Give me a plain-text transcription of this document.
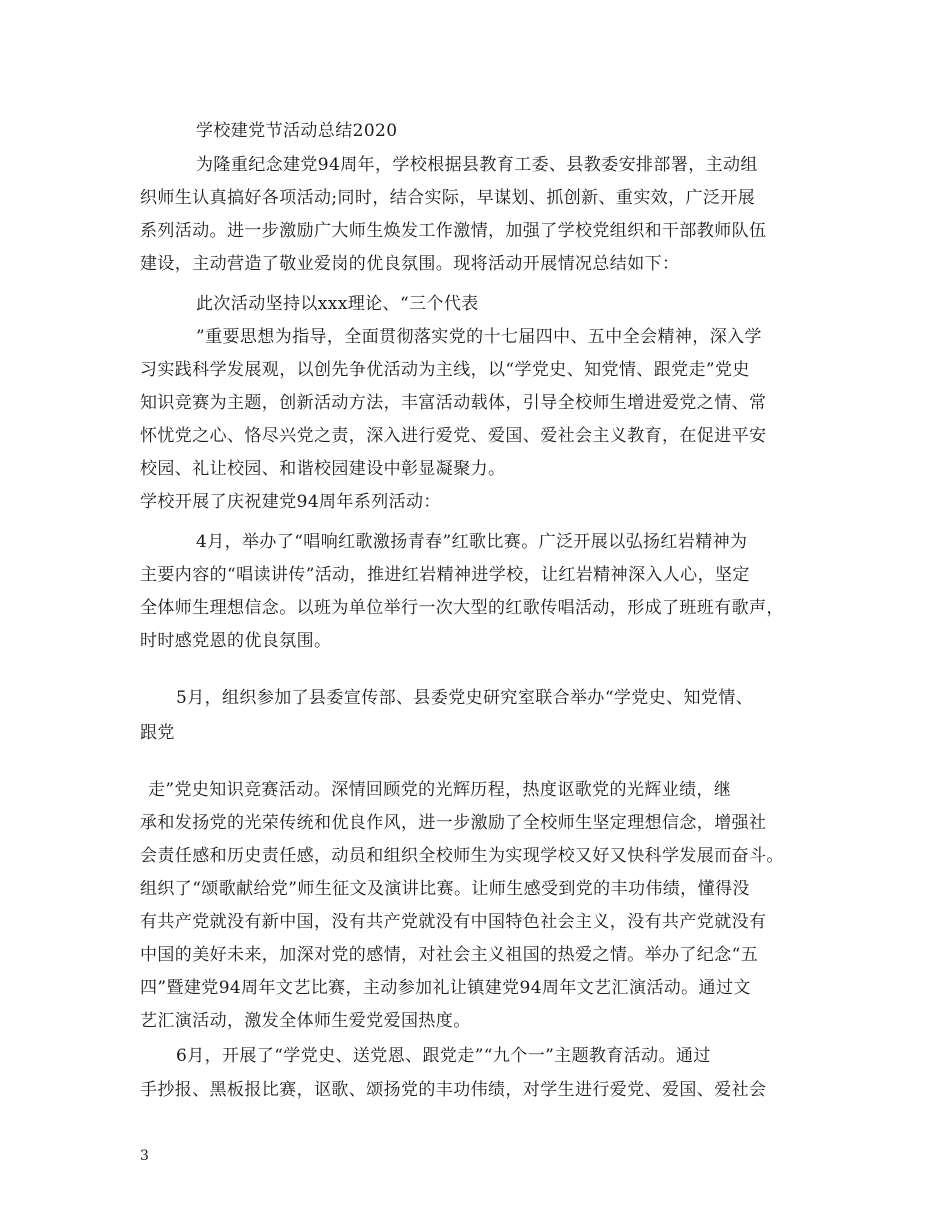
学校建党节活动总结2020
为隆重纪念建党94周年，学校根据县教育工委、县教委安排部署，主动组
织师生认真搞好各项活动;同时，结合实际，早谋划、抓创新、重实效，广泛开展
系列活动。进一步激励广大师生焕发工作激情，加强了学校党组织和干部教师队伍
建设，主动营造了敬业爱岗的优良氛围。现将活动开展情况总结如下：
此次活动坚持以xxx理论、“三个代表
”重要思想为指导，全面贯彻落实党的十七届四中、五中全会精神，深入学
习实践科学发展观，以创先争优活动为主线，以“学党史、知党情、跟党走”党史
知识竞赛为主题，创新活动方法，丰富活动载体，引导全校师生增进爱党之情、常
怀忧党之心、恪尽兴党之责，深入进行爱党、爱国、爱社会主义教育，在促进平安
校园、礼让校园、和谐校园建设中彰显凝聚力。
学校开展了庆祝建党94周年系列活动：
4月，举办了“唱响红歌激扬青春”红歌比赛。广泛开展以弘扬红岩精神为
主要内容的“唱读讲传”活动，推进红岩精神进学校，让红岩精神深入人心，坚定
全体师生理想信念。以班为单位举行一次大型的红歌传唱活动，形成了班班有歌声，
时时感党恩的优良氛围。
5月，组织参加了县委宣传部、县委党史研究室联合举办“学党史、知党情、
跟党
走”党史知识竞赛活动。深情回顾党的光辉历程，热度讴歌党的光辉业绩，继
承和发扬党的光荣传统和优良作风，进一步激励了全校师生坚定理想信念，增强社
会责任感和历史责任感，动员和组织全校师生为实现学校又好又快科学发展而奋斗。
组织了“颂歌献给党”师生征文及演讲比赛。让师生感受到党的丰功伟绩，懂得没
有共产党就没有新中国，没有共产党就没有中国特色社会主义，没有共产党就没有
中国的美好未来，加深对党的感情，对社会主义祖国的热爱之情。举办了纪念“五
四”暨建党94周年文艺比赛，主动参加礼让镇建党94周年文艺汇演活动。通过文
艺汇演活动，激发全体师生爱党爱国热度。
6月，开展了“学党史、送党恩、跟党走”“九个一”主题教育活动。通过
手抄报、黑板报比赛，讴歌、颂扬党的丰功伟绩，对学生进行爱党、爱国、爱社会
3
